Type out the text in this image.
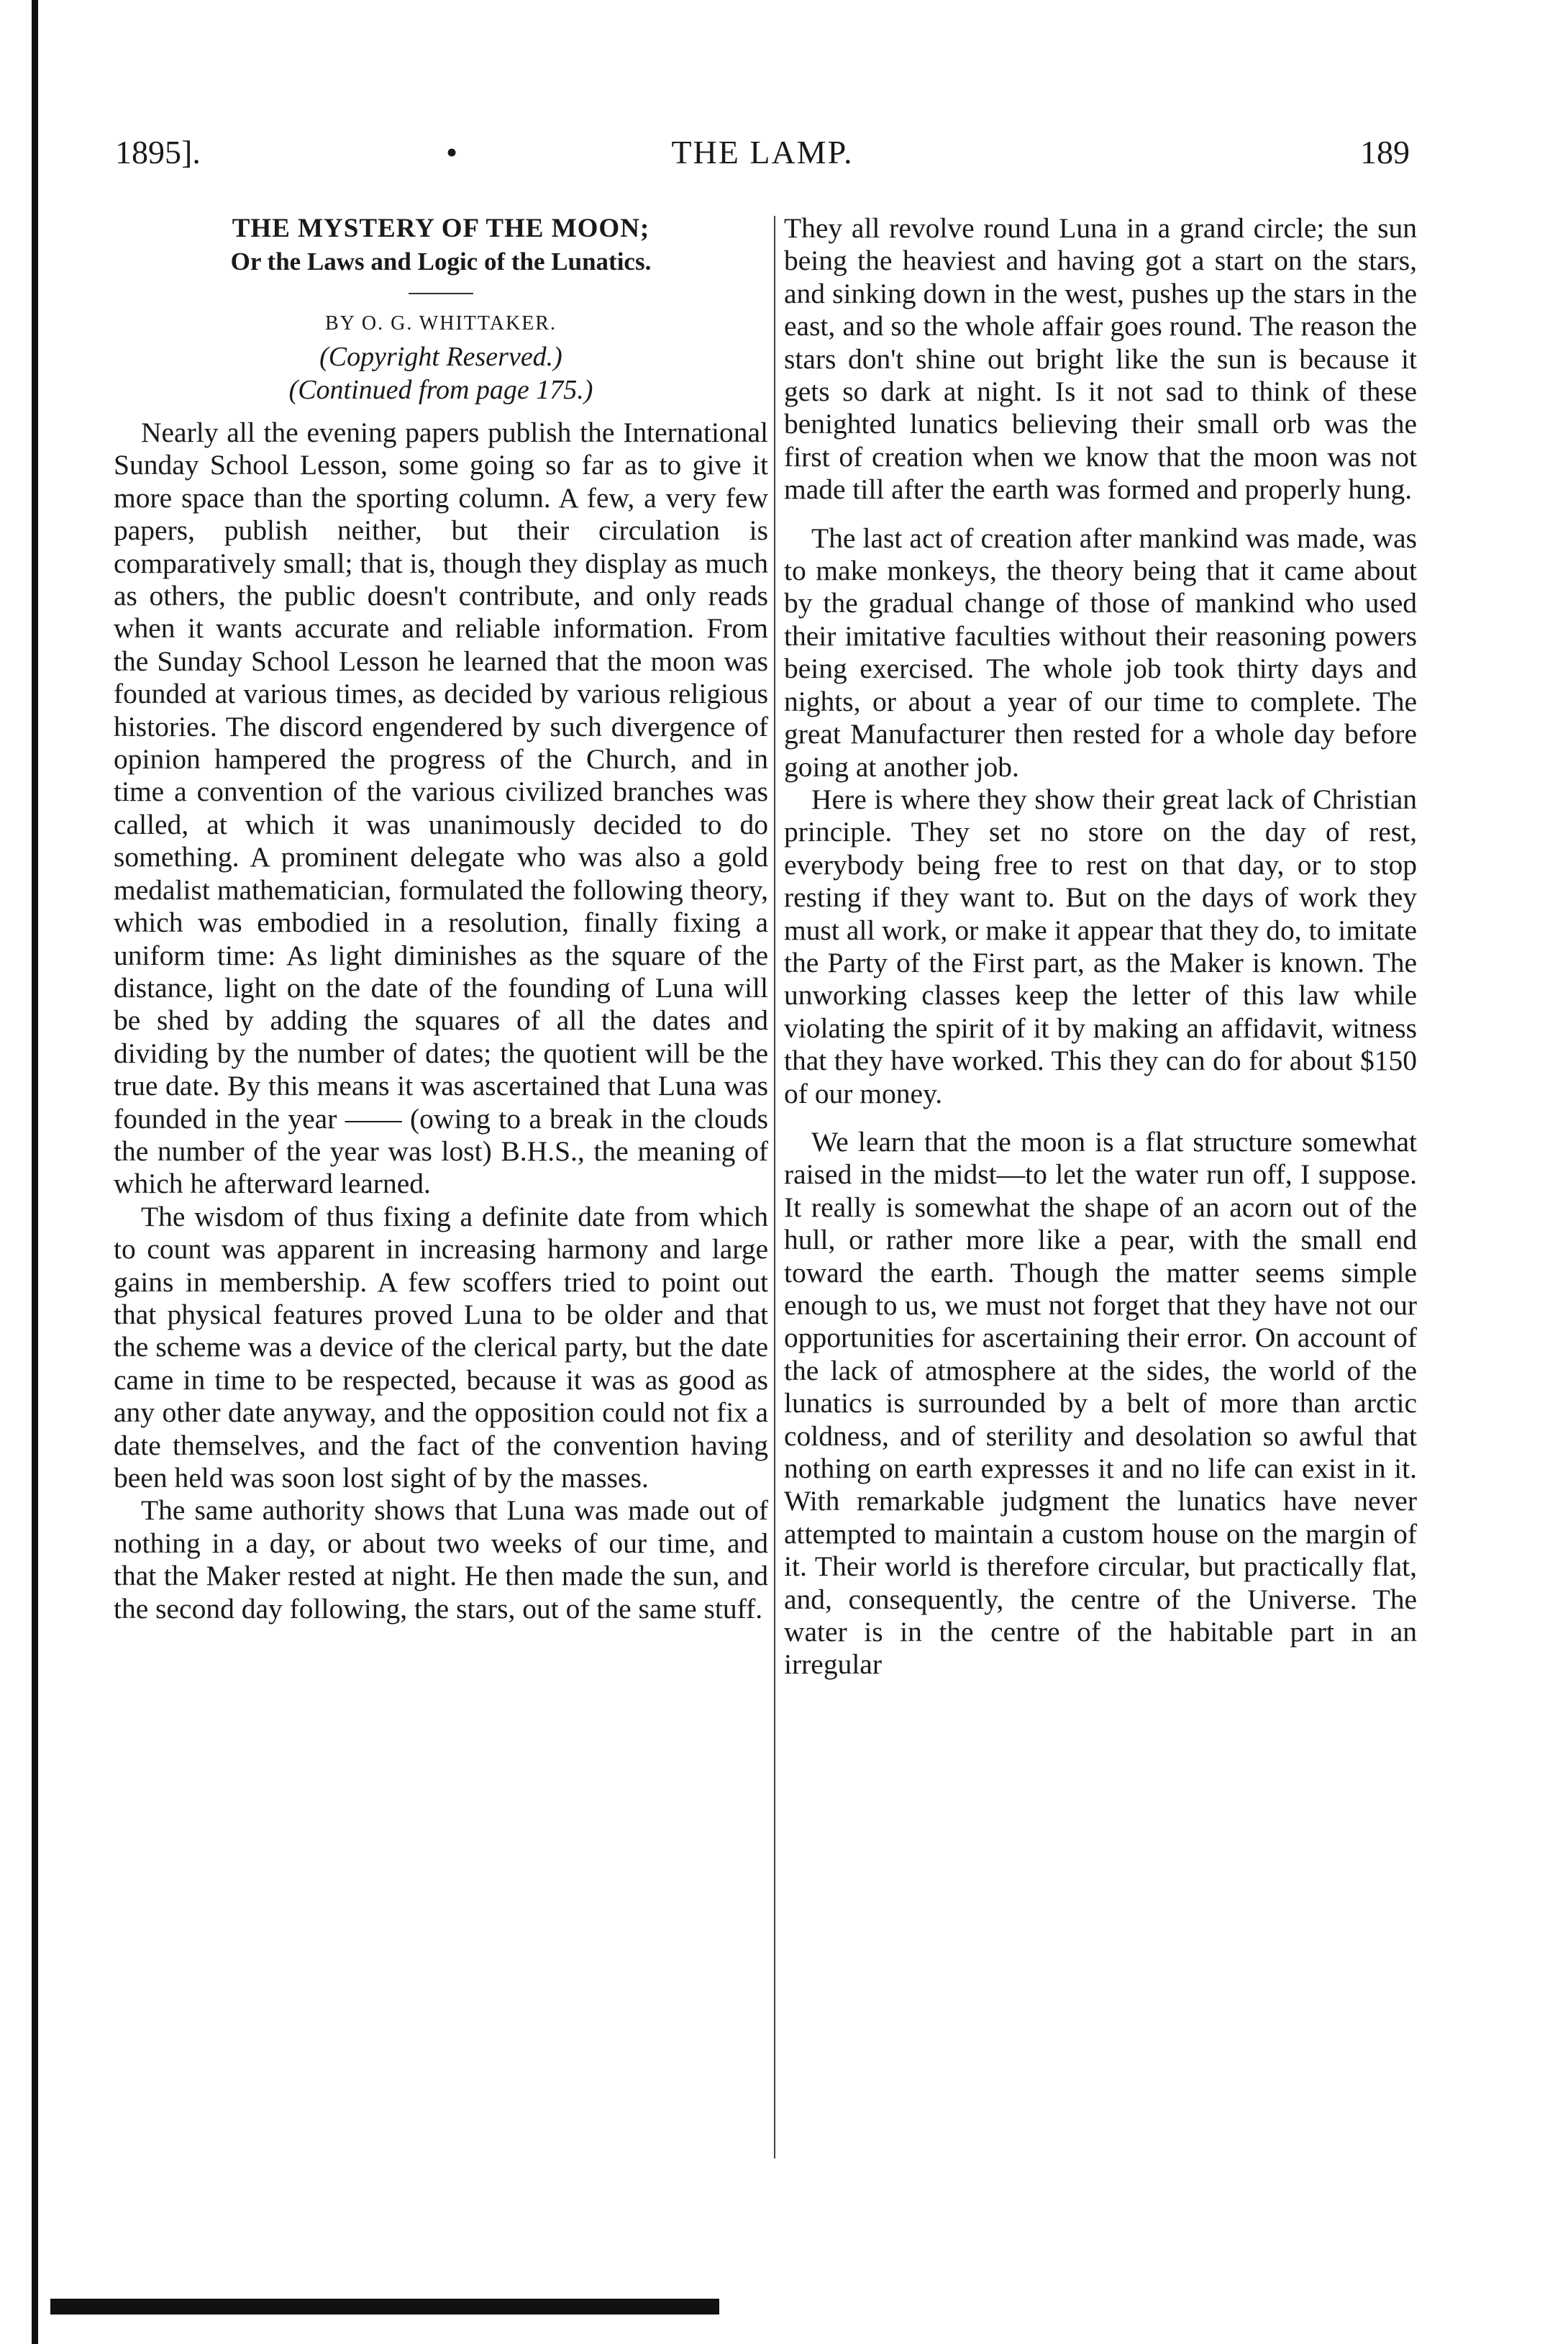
1895].	•	THE LAMP.	189

THE MYSTERY OF THE MOON;

Or the Laws and Logic of the Lunatics.

BY O. G. WHITTAKER.

(Copyright Reserved.)

(Continued from page 175.)

Nearly all the evening papers publish the International Sunday School Lesson, some going so far as to give it more space than the sporting column. A few, a very few papers, publish neither, but their circulation is comparatively small; that is, though they display as much as others, the public doesn't contribute, and only reads when it wants accurate and reliable information. From the Sunday School Lesson he learned that the moon was founded at various times, as decided by various religious histories. The discord engendered by such divergence of opinion hampered the progress of the Church, and in time a convention of the various civilized branches was called, at which it was unanimously decided to do something. A prominent delegate who was also a gold medalist mathematician, formulated the following theory, which was embodied in a resolution, finally fixing a uniform time: As light diminishes as the square of the distance, light on the date of the founding of Luna will be shed by adding the squares of all the dates and dividing by the number of dates; the quotient will be the true date. By this means it was ascertained that Luna was founded in the year —— (owing to a break in the clouds the number of the year was lost) B.H.S., the meaning of which he afterward learned.

The wisdom of thus fixing a definite date from which to count was apparent in increasing harmony and large gains in membership. A few scoffers tried to point out that physical features proved Luna to be older and that the scheme was a device of the clerical party, but the date came in time to be respected, because it was as good as any other date anyway, and the opposition could not fix a date themselves, and the fact of the convention having been held was soon lost sight of by the masses.

The same authority shows that Luna was made out of nothing in a day, or about two weeks of our time, and that the Maker rested at night. He then made the sun, and the second day following, the stars, out of the same stuff.

They all revolve round Luna in a grand circle; the sun being the heaviest and having got a start on the stars, and sinking down in the west, pushes up the stars in the east, and so the whole affair goes round. The reason the stars don't shine out bright like the sun is because it gets so dark at night. Is it not sad to think of these benighted lunatics believing their small orb was the first of creation when we know that the moon was not made till after the earth was formed and properly hung.

The last act of creation after mankind was made, was to make monkeys, the theory being that it came about by the gradual change of those of mankind who used their imitative faculties without their reasoning powers being exercised. The whole job took thirty days and nights, or about a year of our time to complete. The great Manufacturer then rested for a whole day before going at another job.

Here is where they show their great lack of Christian principle. They set no store on the day of rest, everybody being free to rest on that day, or to stop resting if they want to. But on the days of work they must all work, or make it appear that they do, to imitate the Party of the First part, as the Maker is known. The unworking classes keep the letter of this law while violating the spirit of it by making an affidavit, witness that they have worked. This they can do for about $150 of our money.

We learn that the moon is a flat structure somewhat raised in the midst—to let the water run off, I suppose. It really is somewhat the shape of an acorn out of the hull, or rather more like a pear, with the small end toward the earth. Though the matter seems simple enough to us, we must not forget that they have not our opportunities for ascertaining their error. On account of the lack of atmosphere at the sides, the world of the lunatics is surrounded by a belt of more than arctic coldness, and of sterility and desolation so awful that nothing on earth expresses it and no life can exist in it. With remarkable judgment the lunatics have never attempted to maintain a custom house on the margin of it. Their world is therefore circular, but practically flat, and, consequently, the centre of the Universe. The water is in the centre of the habitable part in an irregular
